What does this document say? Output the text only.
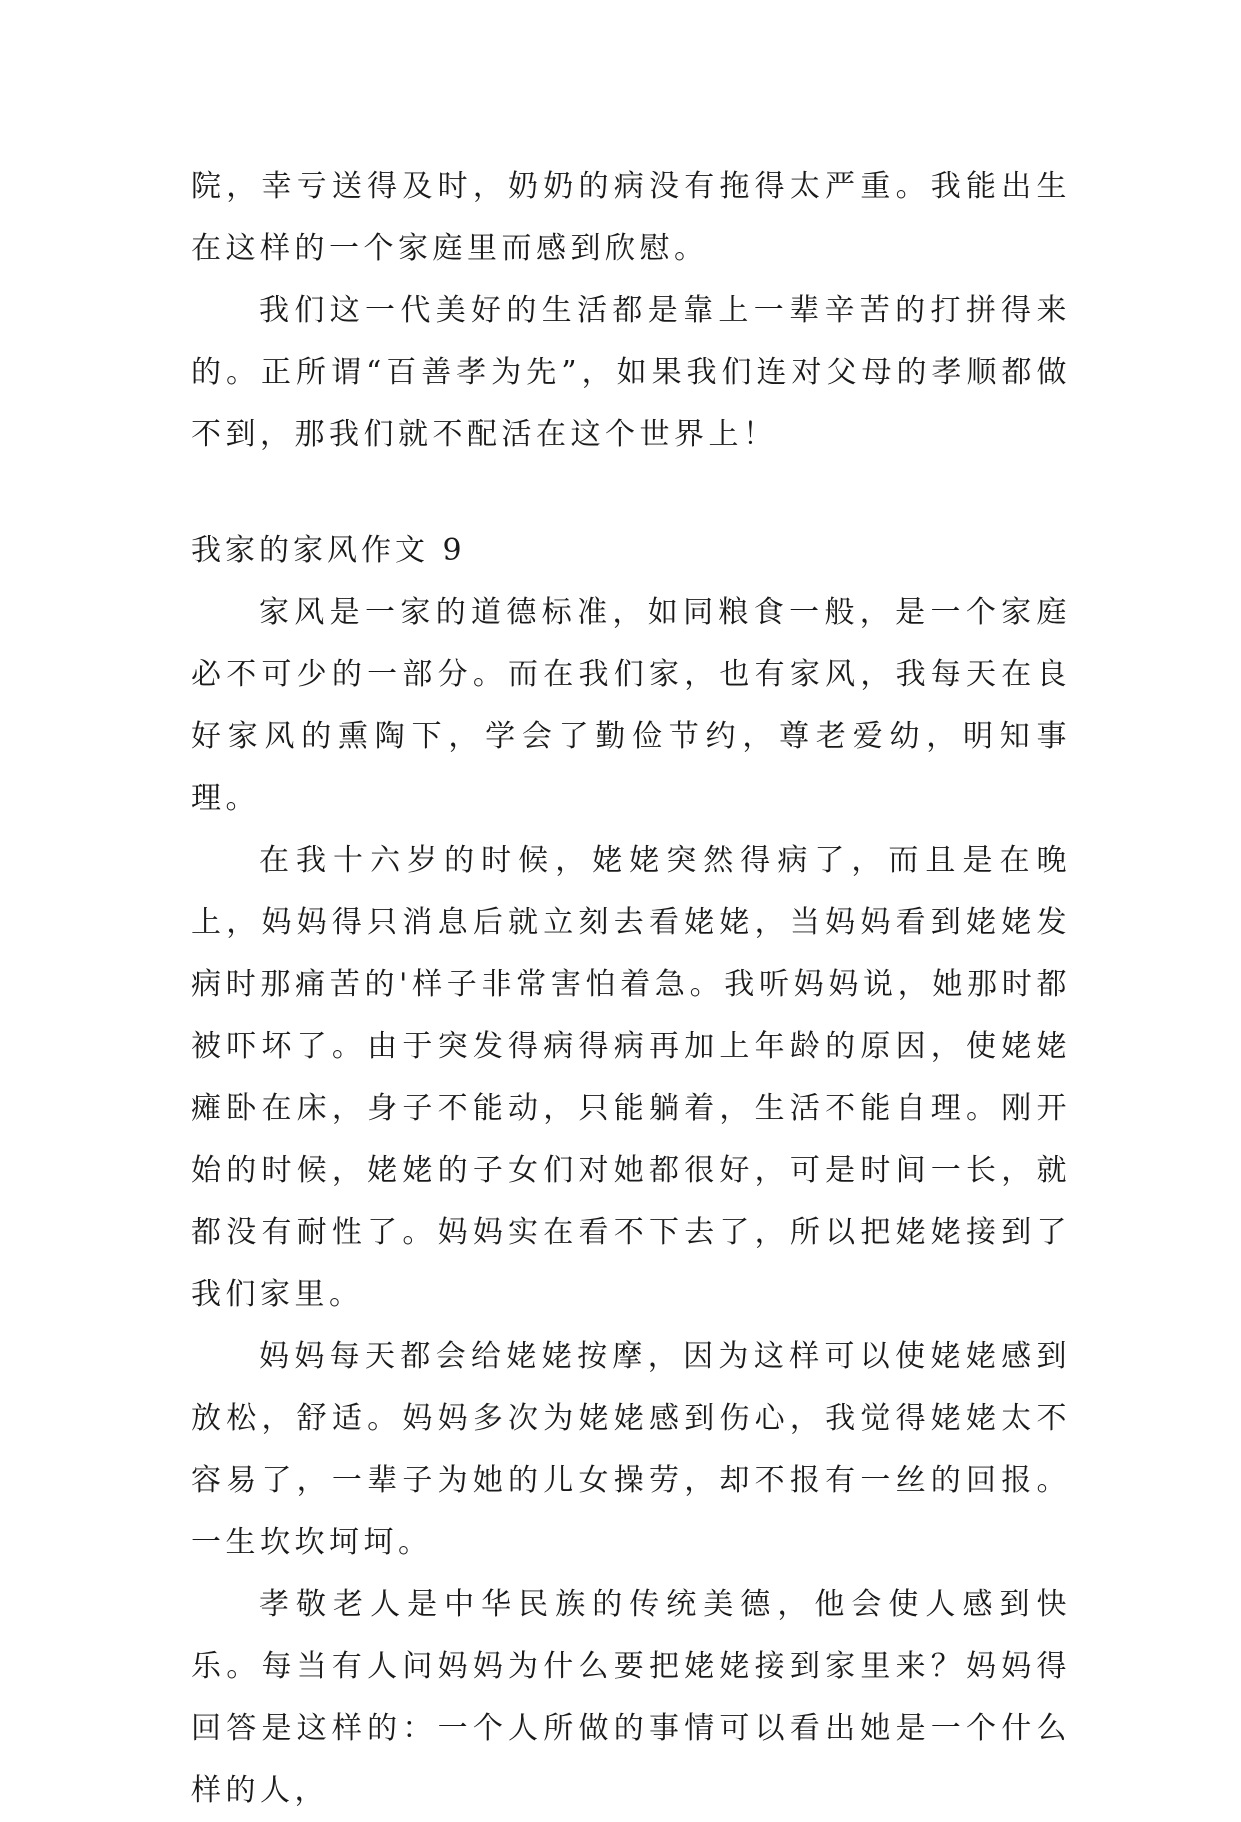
院，幸亏送得及时，奶奶的病没有拖得太严重。我能出生在这样的一个家庭里而感到欣慰。

我们这一代美好的生活都是靠上一辈辛苦的打拼得来的。正所谓“百善孝为先”，如果我们连对父母的孝顺都做不到，那我们就不配活在这个世界上！

我家的家风作文 9

家风是一家的道德标准，如同粮食一般，是一个家庭必不可少的一部分。而在我们家，也有家风，我每天在良好家风的熏陶下，学会了勤俭节约，尊老爱幼，明知事理。

在我十六岁的时候，姥姥突然得病了，而且是在晚上，妈妈得只消息后就立刻去看姥姥，当妈妈看到姥姥发病时那痛苦的'样子非常害怕着急。我听妈妈说，她那时都被吓坏了。由于突发得病得病再加上年龄的原因，使姥姥瘫卧在床，身子不能动，只能躺着，生活不能自理。刚开始的时候，姥姥的子女们对她都很好，可是时间一长，就都没有耐性了。妈妈实在看不下去了，所以把姥姥接到了我们家里。

妈妈每天都会给姥姥按摩，因为这样可以使姥姥感到放松，舒适。妈妈多次为姥姥感到伤心，我觉得姥姥太不容易了，一辈子为她的儿女操劳，却不报有一丝的回报。一生坎坎坷坷。

孝敬老人是中华民族的传统美德，他会使人感到快乐。每当有人问妈妈为什么要把姥姥接到家里来？妈妈得回答是这样的：一个人所做的事情可以看出她是一个什么样的人，
